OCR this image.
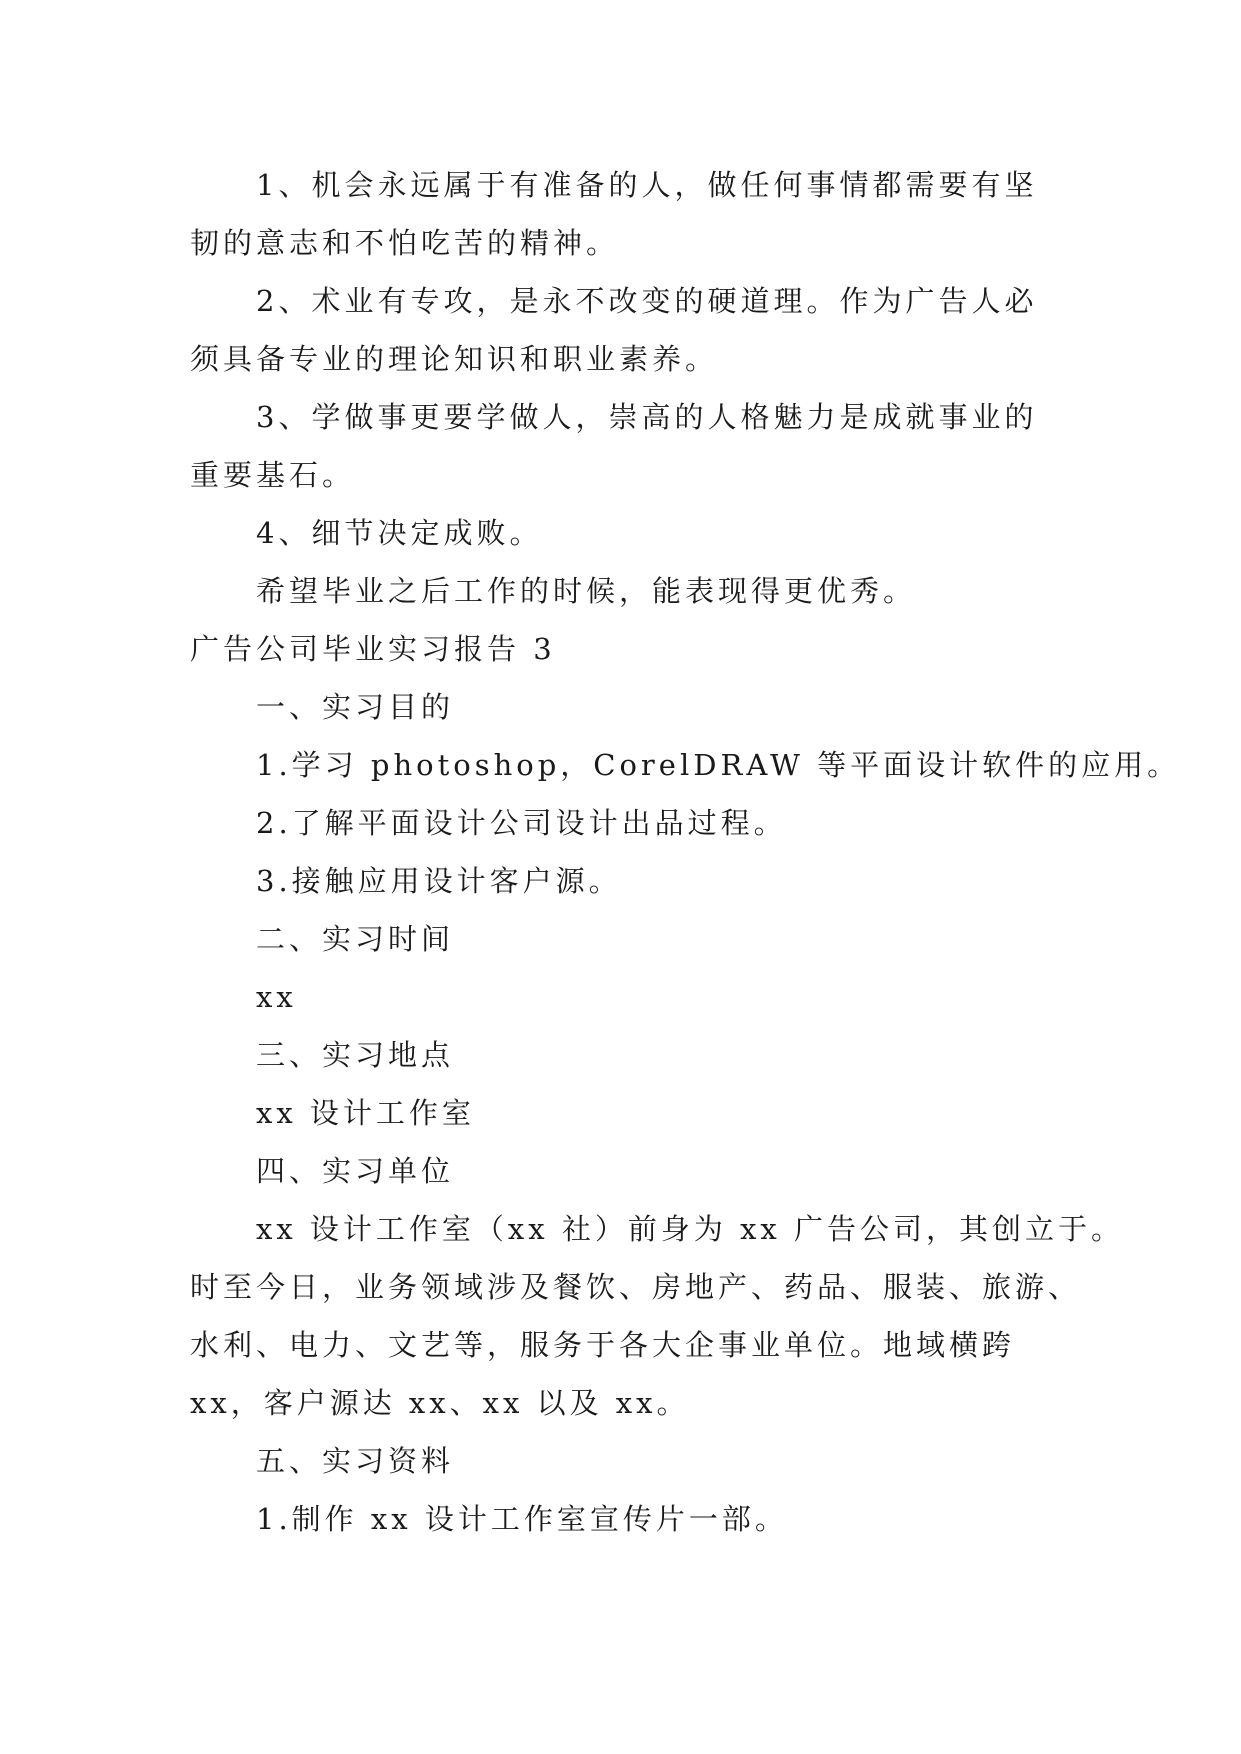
1、机会永远属于有准备的人，做任何事情都需要有坚
韧的意志和不怕吃苦的精神。
2、术业有专攻，是永不改变的硬道理。作为广告人必
须具备专业的理论知识和职业素养。
3、学做事更要学做人，崇高的人格魅力是成就事业的
重要基石。
4、细节决定成败。
希望毕业之后工作的时候，能表现得更优秀。
广告公司毕业实习报告 3
一、实习目的
1.学习 photoshop，CorelDRAW 等平面设计软件的应用。
2.了解平面设计公司设计出品过程。
3.接触应用设计客户源。
二、实习时间
xx
三、实习地点
xx 设计工作室
四、实习单位
xx 设计工作室（xx 社）前身为 xx 广告公司，其创立于。
时至今日，业务领域涉及餐饮、房地产、药品、服装、旅游、
水利、电力、文艺等，服务于各大企事业单位。地域横跨
xx，客户源达 xx、xx 以及 xx。
五、实习资料
1.制作 xx 设计工作室宣传片一部。
